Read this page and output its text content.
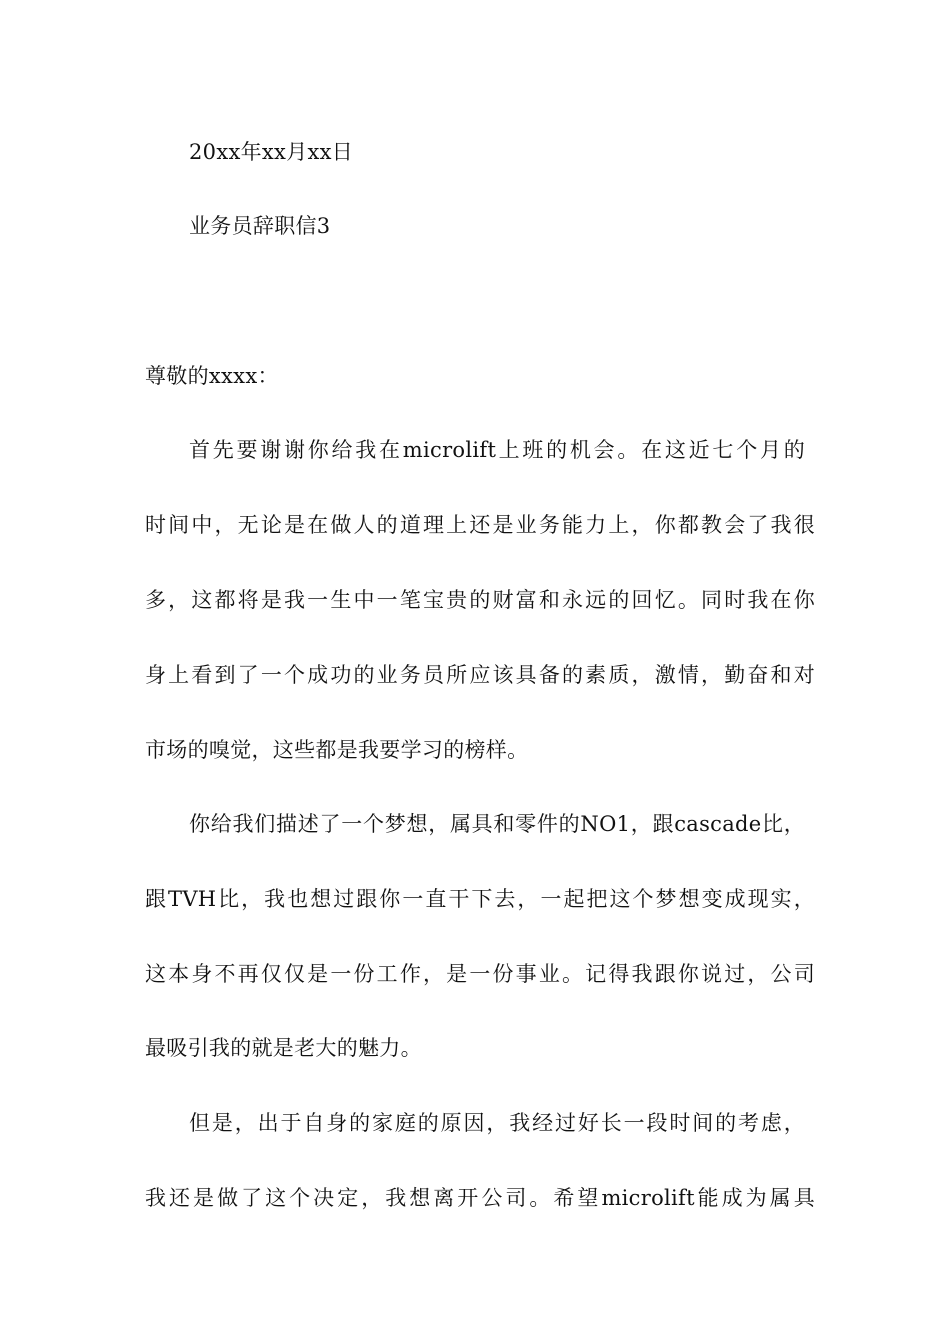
20xx年xx月xx日
业务员辞职信3
尊敬的xxxx：
首先要谢谢你给我在microlift上班的机会。在这近七个月的
时间中，无论是在做人的道理上还是业务能力上，你都教会了我很
多，这都将是我一生中一笔宝贵的财富和永远的回忆。同时我在你
身上看到了一个成功的业务员所应该具备的素质，激情，勤奋和对
市场的嗅觉，这些都是我要学习的榜样。
你给我们描述了一个梦想，属具和零件的NO1，跟cascade比，
跟TVH比，我也想过跟你一直干下去，一起把这个梦想变成现实，
这本身不再仅仅是一份工作，是一份事业。记得我跟你说过，公司
最吸引我的就是老大的魅力。
但是，出于自身的家庭的原因，我经过好长一段时间的考虑，
我还是做了这个决定，我想离开公司。希望microlift能成为属具
